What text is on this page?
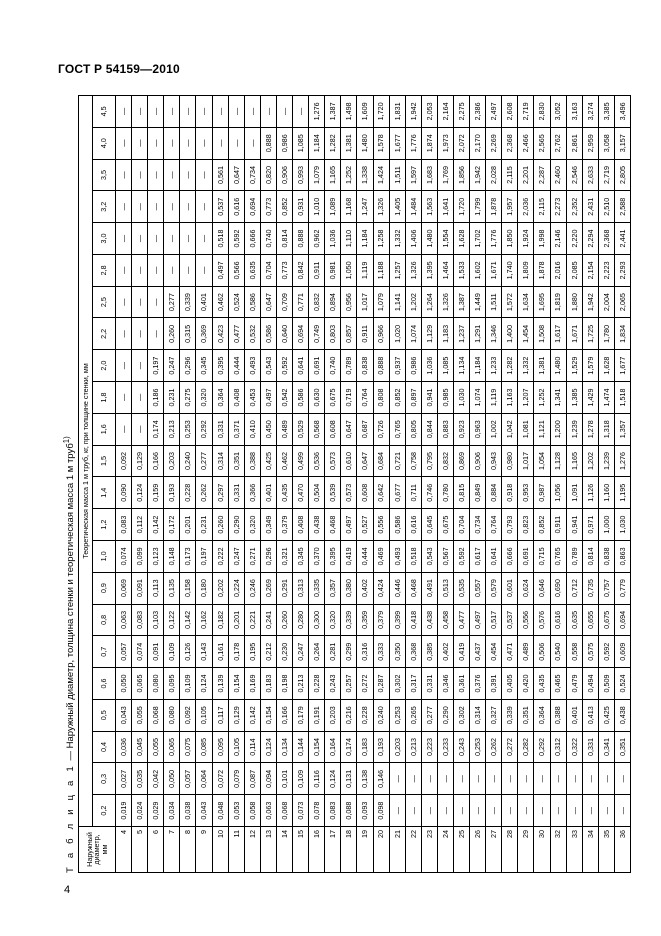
ГОСТ Р 54159—2010
Т а б л и ц а 1 — Наружный диаметр, толщина стенки и теоретическая масса 1 м труб$^{1)}$
Наружный
диаметр,
мм	Теоретическая масса 1 м труб, кг, при толщине стенки, мм																						
	0,2	0,3	0,4	0,5	0,6	0,7	0,8	0,9	1,0	1,2	1,4	1,5	1,6	1,8	2,0	2,2	2,5	2,8	3,0	3,2	3,5	4,0	4,5
4	0,019	0,027	0,036	0,043	0,050	0,057	0,063	0,069	0,074	0,083	0,090	0,092	—	—	—	—	—	—	—	—	—	—	—
5	0,024	0,035	0,045	0,055	0,065	0,074	0,083	0,091	0,099	0,112	0,124	0,129	—	—	—	—	—	—	—	—	—	—	—
6	0,029	0,042	0,055	0,068	0,080	0,091	0,103	0,113	0,123	0,142	0,159	0,166	0,174	0,186	0,197	—	—	—	—	—	—	—	—
7	0,034	0,050	0,065	0,080	0,095	0,109	0,122	0,135	0,148	0,172	0,193	0,203	0,213	0,231	0,247	0,260	0,277	—	—	—	—	—	—
8	0,038	0,057	0,075	0,092	0,109	0,126	0,142	0,158	0,173	0,201	0,228	0,240	0,253	0,275	0,296	0,315	0,339	—	—	—	—	—	—
9	0,043	0,064	0,085	0,105	0,124	0,143	0,162	0,180	0,197	0,231	0,262	0,277	0,292	0,320	0,345	0,369	0,401	—	—	—	—	—	—
10	0,048	0,072	0,095	0,117	0,139	0,161	0,182	0,202	0,222	0,260	0,297	0,314	0,331	0,364	0,395	0,423	0,462	0,497	0,518	0,537	0,561	—	—
11	0,053	0,079	0,105	0,129	0,154	0,178	0,201	0,224	0,247	0,290	0,331	0,351	0,371	0,408	0,444	0,477	0,524	0,566	0,592	0,616	0,647	—	—
12	0,058	0,087	0,114	0,142	0,169	0,195	0,221	0,246	0,271	0,320	0,366	0,388	0,410	0,453	0,493	0,532	0,586	0,635	0,666	0,694	0,734	—	—
13	0,063	0,094	0,124	0,154	0,183	0,212	0,241	0,269	0,296	0,349	0,401	0,425	0,450	0,497	0,543	0,586	0,647	0,704	0,740	0,773	0,820	0,888	—
14	0,068	0,101	0,134	0,166	0,198	0,230	0,260	0,291	0,321	0,379	0,435	0,462	0,489	0,542	0,592	0,640	0,709	0,773	0,814	0,852	0,906	0,986	—
15	0,073	0,109	0,144	0,179	0,213	0,247	0,280	0,313	0,345	0,408	0,470	0,499	0,529	0,586	0,641	0,694	0,771	0,842	0,888	0,931	0,993	1,085	—
16	0,078	0,116	0,154	0,191	0,228	0,264	0,300	0,335	0,370	0,438	0,504	0,536	0,568	0,630	0,691	0,749	0,832	0,911	0,962	1,010	1,079	1,184	1,276
17	0,083	0,124	0,164	0,203	0,243	0,281	0,320	0,357	0,395	0,468	0,539	0,573	0,608	0,675	0,740	0,803	0,894	0,981	1,036	1,089	1,165	1,282	1,387
18	0,088	0,131	0,174	0,216	0,257	0,299	0,339	0,380	0,419	0,497	0,573	0,610	0,647	0,719	0,789	0,857	0,956	1,050	1,110	1,168	1,252	1,381	1,498
19	0,093	0,138	0,183	0,228	0,272	0,316	0,359	0,402	0,444	0,527	0,608	0,647	0,687	0,764	0,838	0,911	1,017	1,119	1,184	1,247	1,338	1,480	1,609
20	0,098	0,146	0,193	0,240	0,287	0,333	0,379	0,424	0,469	0,556	0,642	0,684	0,726	0,808	0,888	0,966	1,079	1,188	1,258	1,326	1,424	1,578	1,720
21	—	—	0,203	0,253	0,302	0,350	0,399	0,446	0,493	0,586	0,677	0,721	0,765	0,852	0,937	1,020	1,141	1,257	1,332	1,405	1,511	1,677	1,831
22	—	—	0,213	0,265	0,317	0,368	0,418	0,468	0,518	0,616	0,711	0,758	0,805	0,897	0,986	1,074	1,202	1,326	1,406	1,484	1,597	1,776	1,942
23	—	—	0,223	0,277	0,331	0,385	0,438	0,491	0,543	0,645	0,746	0,795	0,844	0,941	1,036	1,129	1,264	1,395	1,480	1,563	1,683	1,874	2,053
24	—	—	0,233	0,290	0,346	0,402	0,458	0,513	0,567	0,675	0,780	0,832	0,883	0,985	1,085	1,183	1,326	1,464	1,554	1,641	1,769	1,973	2,164
25	—	—	0,243	0,302	0,361	0,419	0,477	0,535	0,592	0,704	0,815	0,869	0,923	1,030	1,134	1,237	1,387	1,533	1,628	1,720	1,856	2,072	2,275
26	—	—	0,253	0,314	0,376	0,437	0,497	0,557	0,617	0,734	0,849	0,906	0,963	1,074	1,184	1,291	1,449	1,602	1,702	1,799	1,942	2,170	2,386
27	—	—	0,262	0,327	0,391	0,454	0,517	0,579	0,641	0,764	0,884	0,943	1,002	1,119	1,233	1,346	1,511	1,671	1,776	1,878	2,028	2,269	2,497
28	—	—	0,272	0,339	0,405	0,471	0,537	0,601	0,666	0,793	0,918	0,980	1,042	1,163	1,282	1,400	1,572	1,740	1,850	1,957	2,115	2,368	2,608
29	—	—	0,282	0,351	0,420	0,489	0,556	0,624	0,691	0,823	0,953	1,017	1,081	1,207	1,332	1,454	1,634	1,809	1,924	2,036	2,201	2,466	2,719
30	—	—	0,292	0,364	0,435	0,506	0,576	0,646	0,715	0,852	0,987	1,054	1,121	1,252	1,381	1,508	1,695	1,878	1,998	2,115	2,287	2,565	2,830
32	—	—	0,312	0,388	0,465	0,540	0,616	0,690	0,765	0,911	1,056	1,128	1,200	1,341	1,480	1,617	1,819	2,016	2,146	2,273	2,460	2,762	3,052
33	—	—	0,322	0,401	0,479	0,558	0,635	0,712	0,789	0,941	1,091	1,165	1,239	1,385	1,529	1,671	1,880	2,085	2,220	2,352	2,546	2,861	3,163
34	—	—	0,331	0,413	0,494	0,575	0,655	0,735	0,814	0,971	1,126	1,202	1,278	1,429	1,579	1,725	1,942	2,154	2,294	2,431	2,633	2,959	3,274
35	—	—	0,341	0,425	0,509	0,592	0,675	0,757	0,838	1,000	1,160	1,239	1,318	1,474	1,628	1,780	2,004	2,223	2,368	2,510	2,719	3,058	3,385
36	—	—	0,351	0,438	0,524	0,609	0,694	0,779	0,863	1,030	1,195	1,276	1,357	1,518	1,677	1,834	2,065	2,293	2,441	2,588	2,805	3,157	3,496
4
